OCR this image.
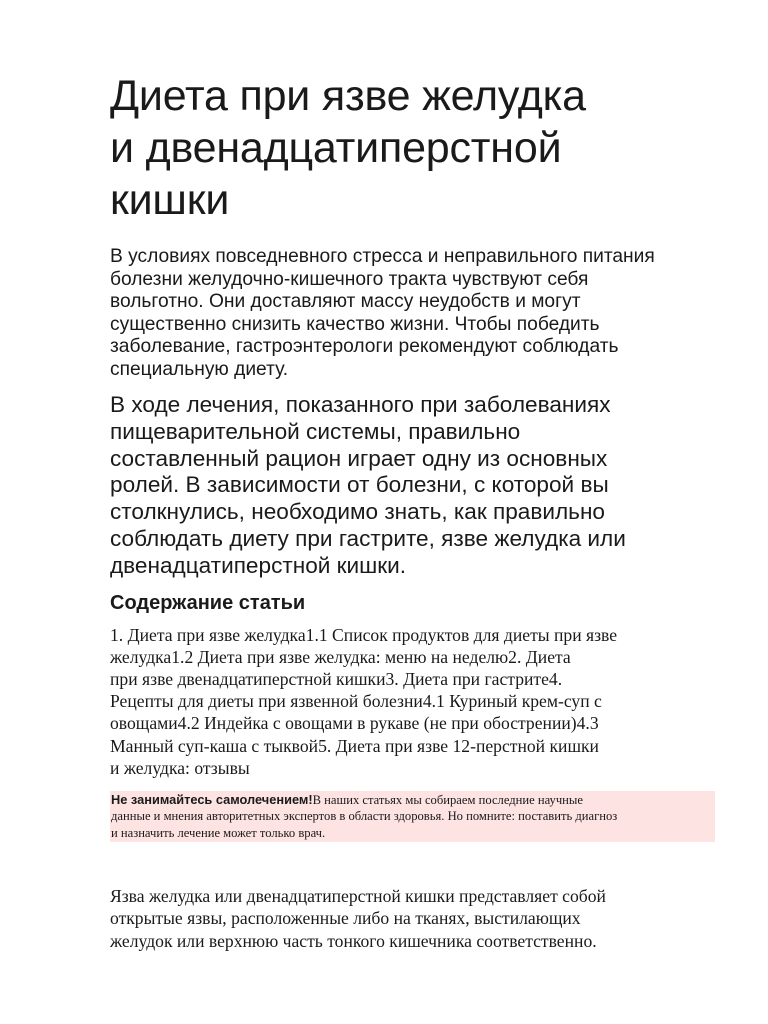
Диета при язве желудка
и двенадцатиперстной
кишки

В условиях повседневного стресса и неправильного питания
болезни желудочно-кишечного тракта чувствуют себя
вольготно. Они доставляют массу неудобств и могут
существенно снизить качество жизни. Чтобы победить
заболевание, гастроэнтерологи рекомендуют соблюдать
специальную диету.

В ходе лечения, показанного при заболеваниях
пищеварительной системы, правильно
составленный рацион играет одну из основных
ролей. В зависимости от болезни, с которой вы
столкнулись, необходимо знать, как правильно
соблюдать диету при гастрите, язве желудка или
двенадцатиперстной кишки.

Содержание статьи

1. Диета при язве желудка1.1 Список продуктов для диеты при язве
желудка1.2 Диета при язве желудка: меню на неделю2. Диета
при язве двенадцатиперстной кишки3. Диета при гастрите4.
Рецепты для диеты при язвенной болезни4.1 Куриный крем-суп с
овощами4.2 Индейка с овощами в рукаве (не при обострении)4.3
Манный суп-каша с тыквой5. Диета при язве 12-перстной кишки
и желудка: отзывы

Не занимайтесь самолечением!В наших статьях мы собираем последние научные
данные и мнения авторитетных экспертов в области здоровья. Но помните: поставить диагноз
и назначить лечение может только врач.

Язва желудка или двенадцатиперстной кишки представляет собой
открытые язвы, расположенные либо на тканях, выстилающих
желудок или верхнюю часть тонкого кишечника соответственно.
